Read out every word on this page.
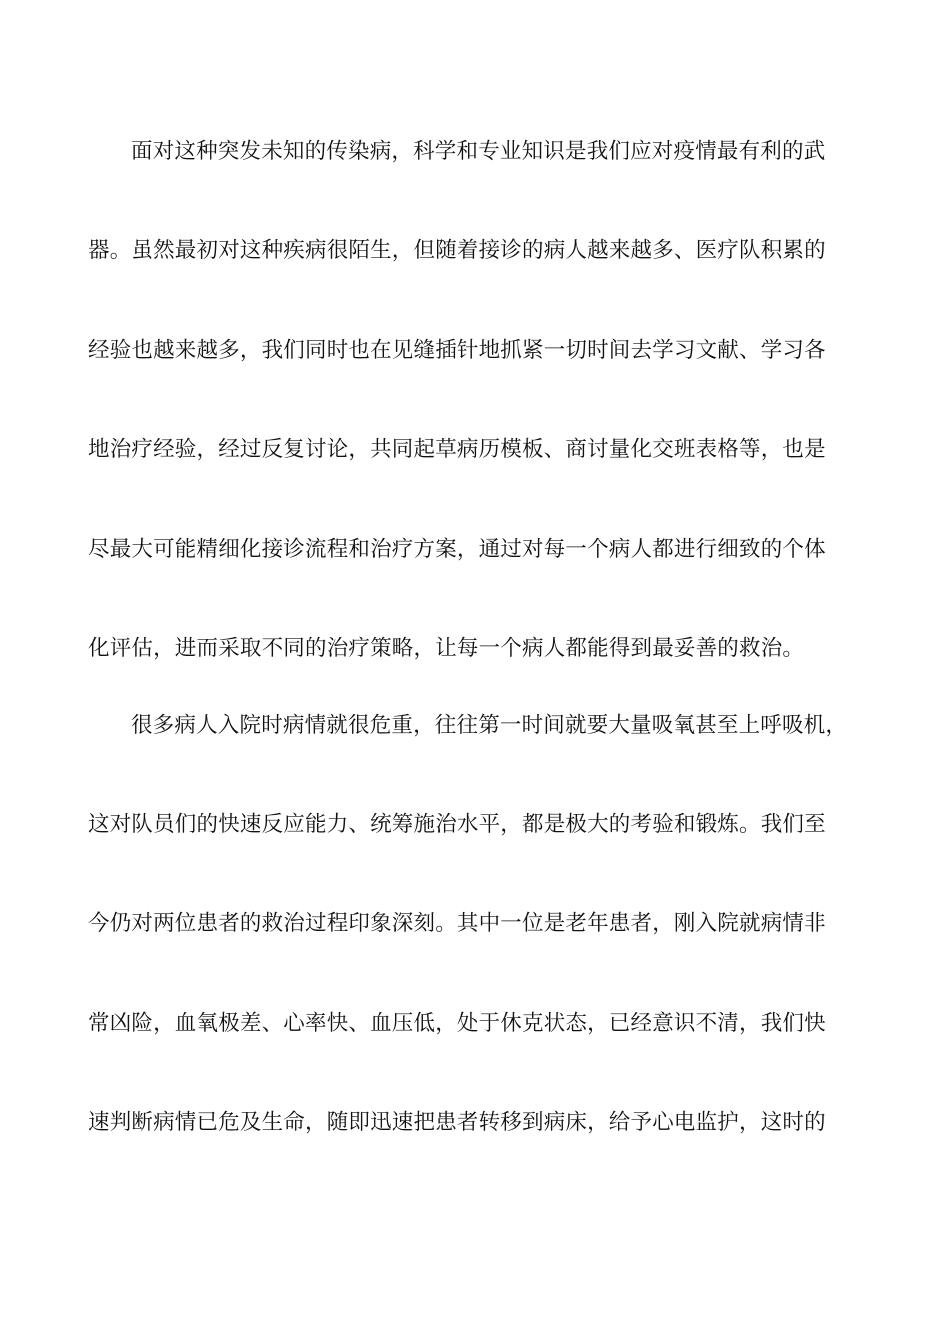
面对这种突发未知的传染病，科学和专业知识是我们应对疫情最有利的武
器。虽然最初对这种疾病很陌生，但随着接诊的病人越来越多、医疗队积累的
经验也越来越多，我们同时也在见缝插针地抓紧一切时间去学习文献、学习各
地治疗经验，经过反复讨论，共同起草病历模板、商讨量化交班表格等，也是
尽最大可能精细化接诊流程和治疗方案，通过对每一个病人都进行细致的个体
化评估，进而采取不同的治疗策略，让每一个病人都能得到最妥善的救治。
很多病人入院时病情就很危重，往往第一时间就要大量吸氧甚至上呼吸机，
这对队员们的快速反应能力、统筹施治水平，都是极大的考验和锻炼。我们至
今仍对两位患者的救治过程印象深刻。其中一位是老年患者，刚入院就病情非
常凶险，血氧极差、心率快、血压低，处于休克状态，已经意识不清，我们快
速判断病情已危及生命，随即迅速把患者转移到病床，给予心电监护，这时的
